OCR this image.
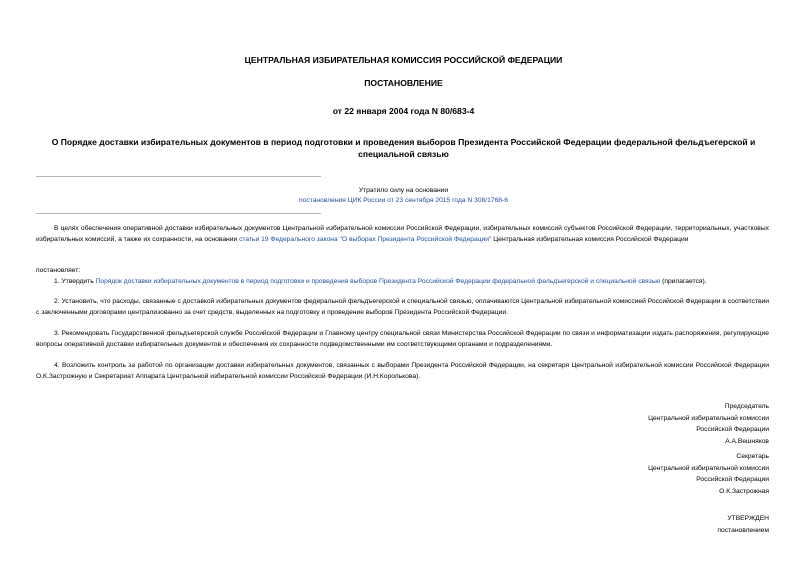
ЦЕНТРАЛЬНАЯ ИЗБИРАТЕЛЬНАЯ КОМИССИЯ РОССИЙСКОЙ ФЕДЕРАЦИИ
ПОСТАНОВЛЕНИЕ
от 22 января 2004 года N 80/683-4
О Порядке доставки избирательных документов в период подготовки и проведения выборов Президента Российской Федерации федеральной фельдъегерской и специальной связью
Утратило силу на основании
постановления ЦИК России от 23 сентября 2015 года N 308/1768-6
В целях обеспечения оперативной доставки избирательных документов Центральной избирательной комиссии Российской Федерации, избирательных комиссий субъектов Российской Федерации, территориальных, участковых избирательных комиссий, а также их сохранности, на основании статьи 19 Федерального закона "О выборах Президента Российской Федерации" Центральная избирательная комиссия Российской Федерации
постановляет:
1. Утвердить Порядок доставки избирательных документов в период подготовки и проведения выборов Президента Российской Федерации федеральной фельдъегерской и специальной связью (прилагается).
2. Установить, что расходы, связанные с доставкой избирательных документов федеральной фельдъегерской и специальной связью, оплачиваются Центральной избирательной комиссией Российской Федерации в соответствии с заключенными договорами централизованно за счет средств, выделенных на подготовку и проведение выборов Президента Российской Федерации.
3. Рекомендовать Государственной фельдъегерской службе Российской Федерации и Главному центру специальной связи Министерства Российской Федерации по связи и информатизации издать распоряжения, регулирующие вопросы оперативной доставки избирательных документов и обеспечения их сохранности подведомственными им соответствующими органами и подразделениями.
4. Возложить контроль за работой по организации доставки избирательных документов, связанных с выборами Президента Российской Федерации, на секретаря Центральной избирательной комиссии Российской Федерации О.К.Застрожную и Секретариат Аппарата Центральной избирательной комиссии Российской Федерации (И.Н.Королькова).
Председатель
Центральной избирательной комиссии
Российской Федерации
А.А.Вешняков
Секретарь
Центральной избирательной комиссии
Российской Федерации
О.К.Застрожная
УТВЕРЖДЕН
постановлением
